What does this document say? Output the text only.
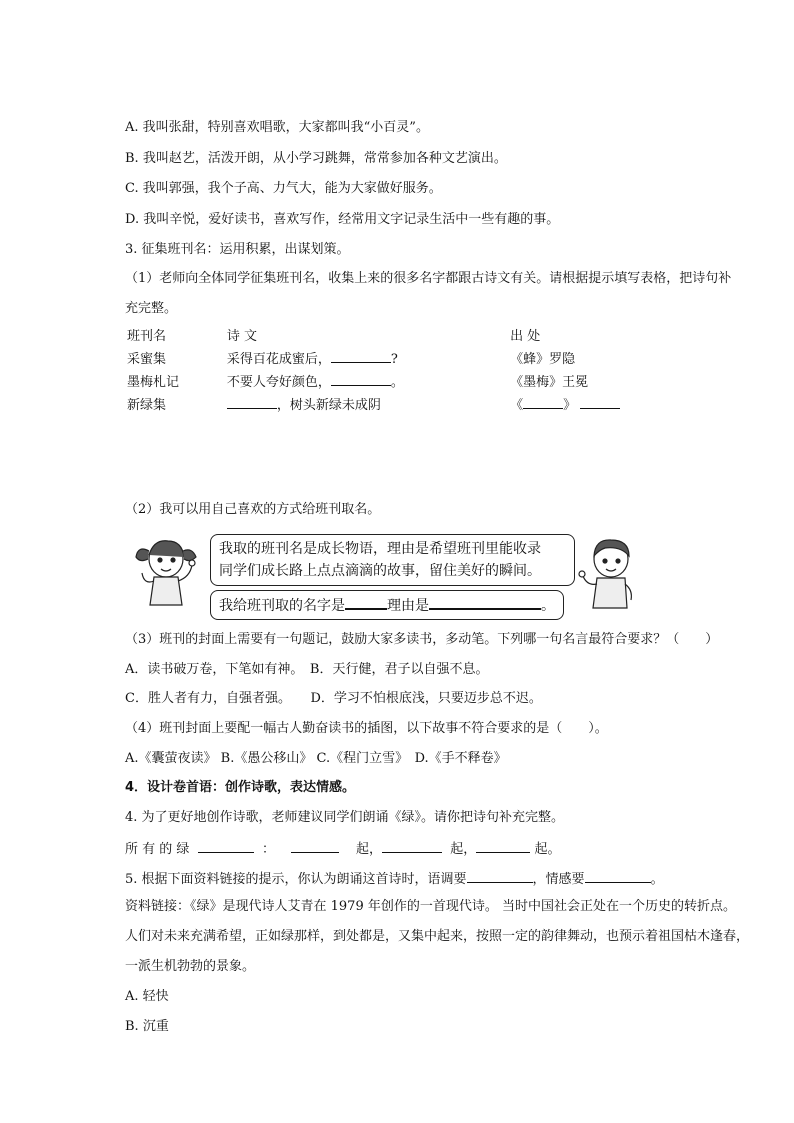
A. 我叫张甜，特别喜欢唱歌，大家都叫我“小百灵”。
B. 我叫赵艺，活泼开朗，从小学习跳舞，常常参加各种文艺演出。
C. 我叫郭强，我个子高、力气大，能为大家做好服务。
D. 我叫辛悦，爱好读书，喜欢写作，经常用文字记录生活中一些有趣的事。
3. 征集班刊名：运用积累，出谋划策。
（1）老师向全体同学征集班刊名，收集上来的很多名字都跟古诗文有关。请根据提示填写表格，把诗句补
充完整。
班刊名	诗 文	出 处
采蜜集	采得百花成蜜后， ?	《蜂》罗隐
墨梅札记	不要人夸好颜色， 。	《墨梅》王冕
新绿集	，树头新绿未成阴	《 》
（2）我可以用自己喜欢的方式给班刊取名。
我取的班刊名是成长物语，理由是希望班刊里能收录
同学们成长路上点点滴滴的故事，留住美好的瞬间。
我给班刊取的名字是	理由是	。
（3）班刊的封面上需要有一句题记，鼓励大家多读书，多动笔。下列哪一句名言最符合要求？（　　）
A．读书破万卷，下笔如有神。　B．天行健，君子以自强不息。
C．胜人者有力，自强者强。　　D．学习不怕根底浅，只要迈步总不迟。
（4）班刊封面上要配一幅古人勤奋读书的插图，以下故事不符合要求的是（　　）。
A.《囊萤夜读》 B.《愚公移山》 C.《程门立雪》　D.《手不释卷》
4．设计卷首语：创作诗歌，表达情感。
4. 为了更好地创作诗歌，老师建议同学们朗诵《绿》。请你把诗句补充完整。
所 有 的 绿	：	起，	起，	起。
5. 根据下面资料链接的提示，你认为朗诵这首诗时，语调要	，情感要	。
资料链接：《绿》是现代诗人艾青在 1979 年创作的一首现代诗。 当时中国社会正处在一个历史的转折点。
人们对未来充满希望，正如绿那样，到处都是，又集中起来，按照一定的韵律舞动，也预示着祖国枯木逢春，
一派生机勃勃的景象。
A. 轻快
B. 沉重
